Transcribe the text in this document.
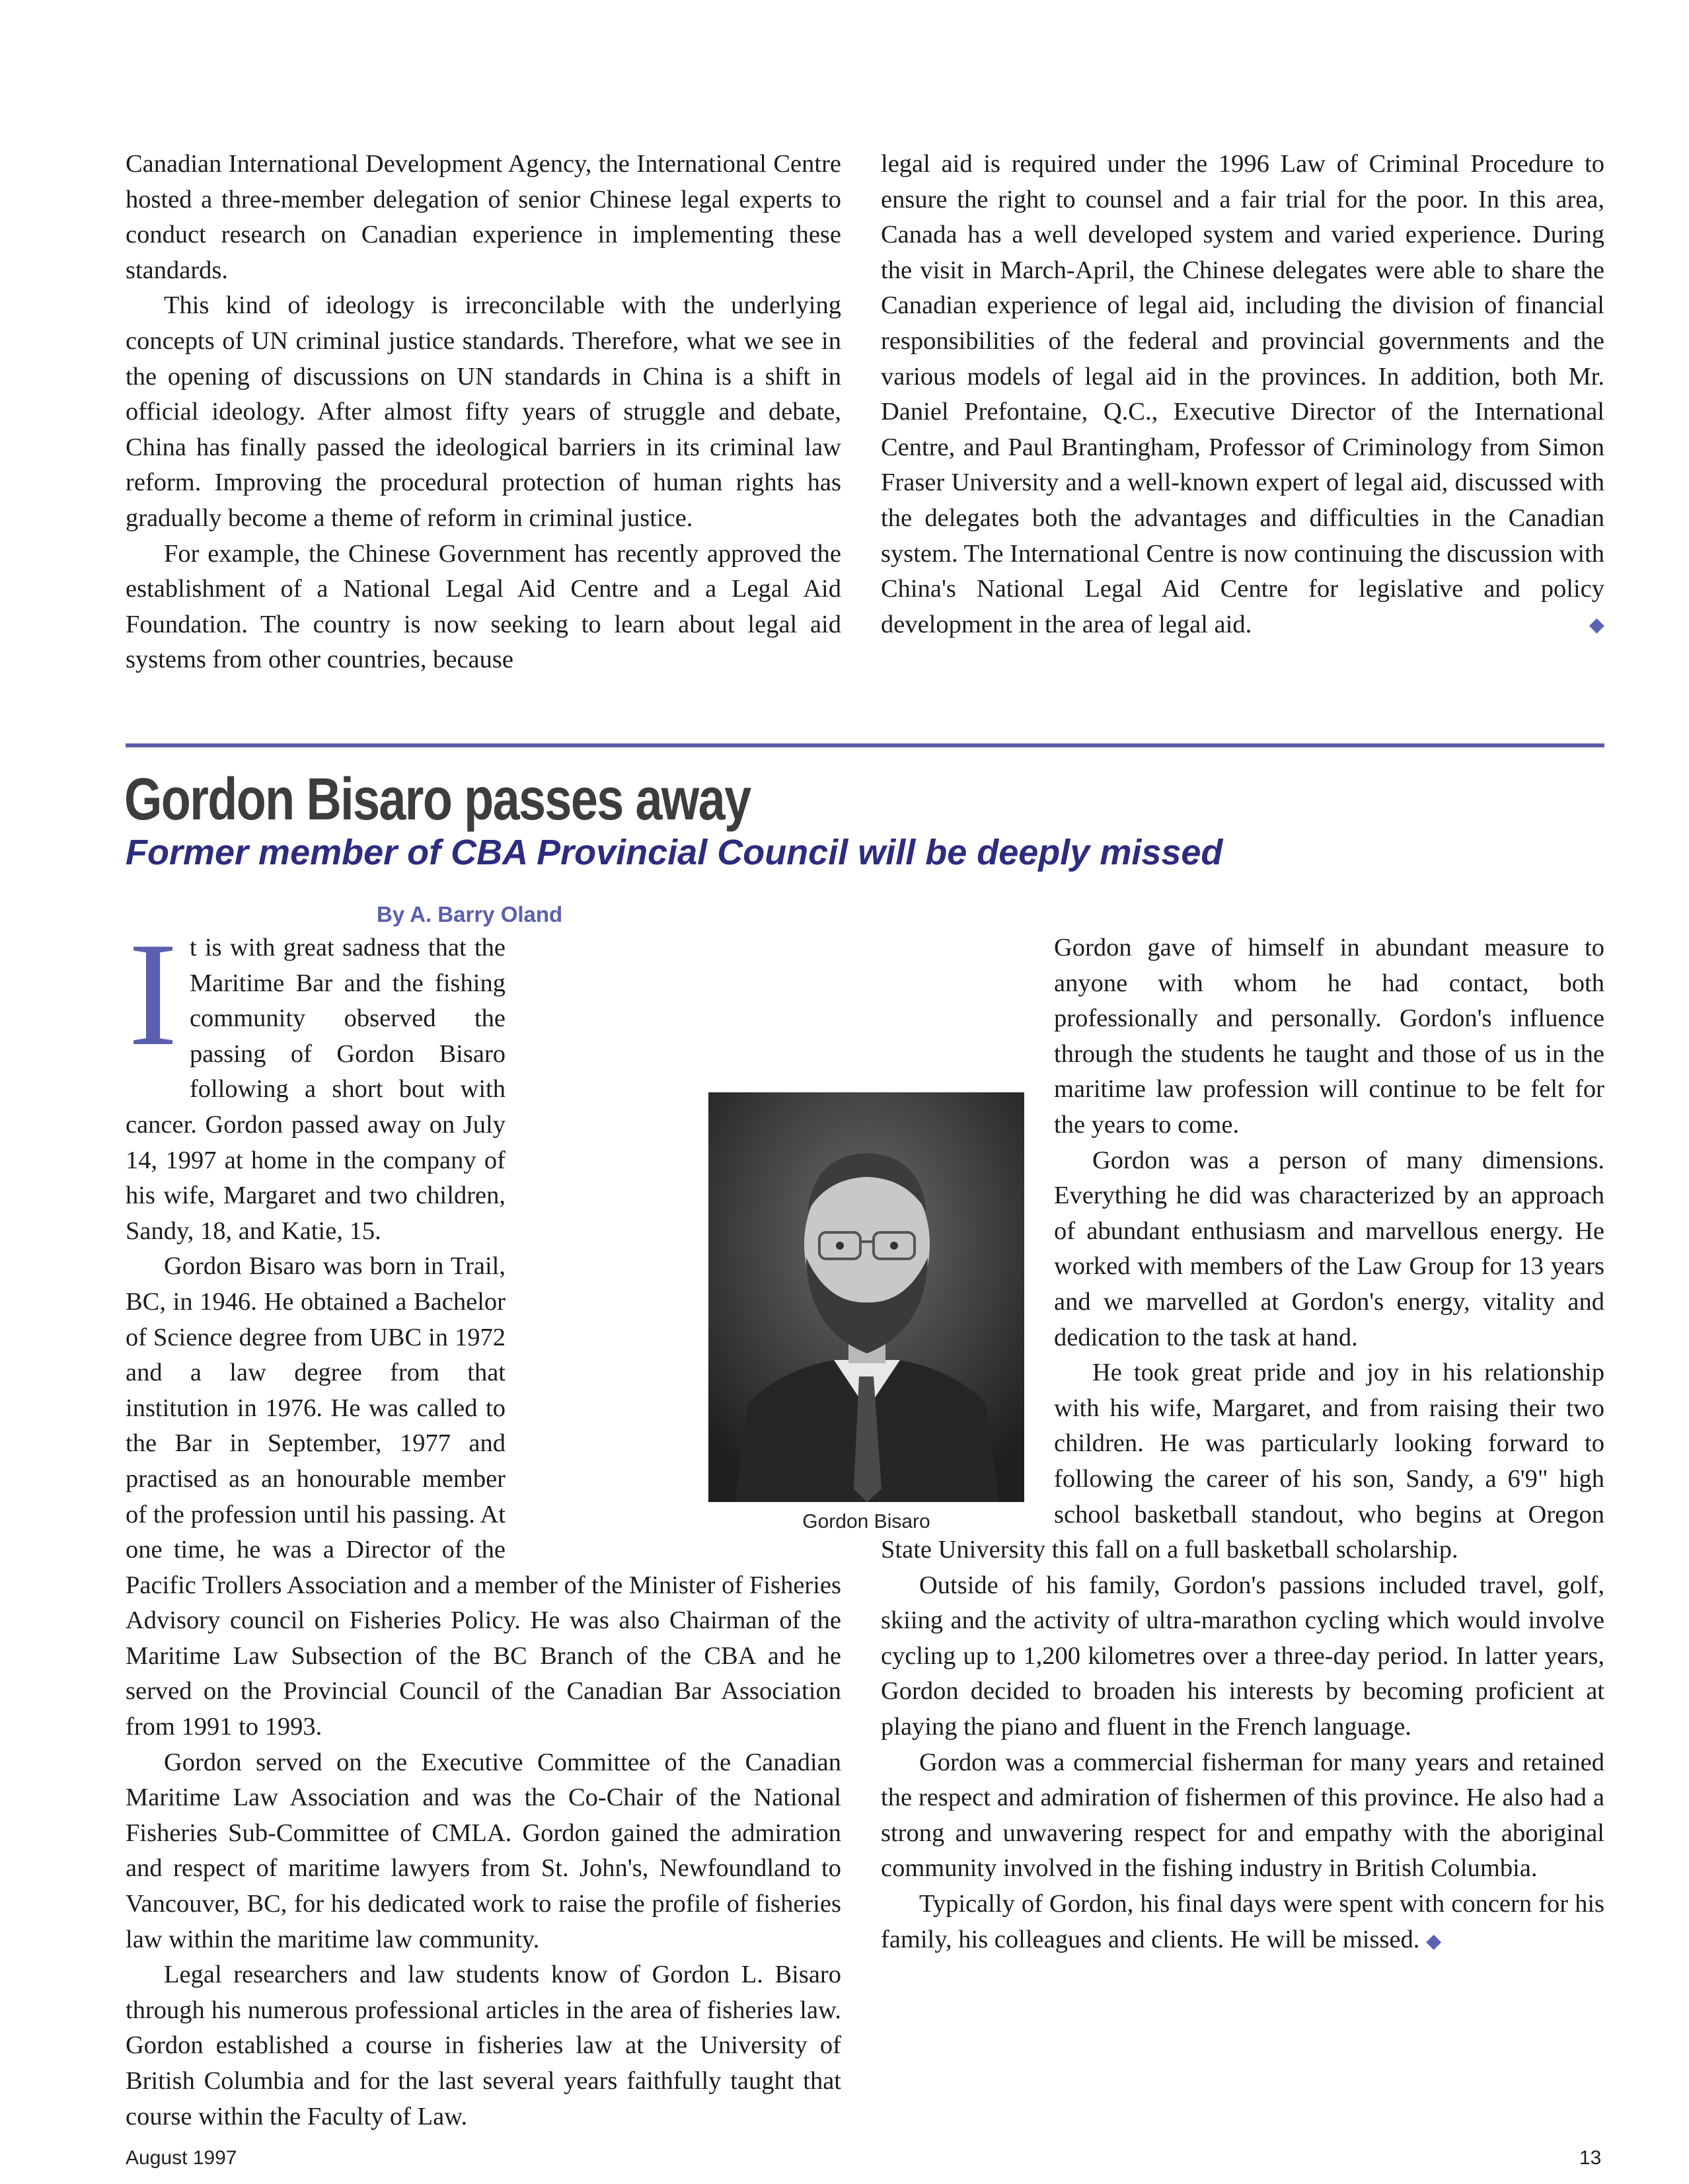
Canadian International Development Agency, the International Centre hosted a three-member delegation of senior Chinese legal experts to conduct research on Canadian experience in implementing these standards.

This kind of ideology is irreconcilable with the underlying concepts of UN criminal justice standards. Therefore, what we see in the opening of discussions on UN standards in China is a shift in official ideology. After almost fifty years of struggle and debate, China has finally passed the ideological barriers in its criminal law reform. Improving the procedural protection of human rights has gradually become a theme of reform in criminal justice.

For example, the Chinese Government has recently approved the establishment of a National Legal Aid Centre and a Legal Aid Foundation. The country is now seeking to learn about legal aid systems from other countries, because

legal aid is required under the 1996 Law of Criminal Procedure to ensure the right to counsel and a fair trial for the poor. In this area, Canada has a well developed system and varied experience. During the visit in March-April, the Chinese delegates were able to share the Canadian experience of legal aid, including the division of financial responsibilities of the federal and provincial governments and the various models of legal aid in the provinces. In addition, both Mr. Daniel Prefontaine, Q.C., Executive Director of the International Centre, and Paul Brantingham, Professor of Criminology from Simon Fraser University and a well-known expert of legal aid, discussed with the delegates both the advantages and difficulties in the Canadian system. The International Centre is now continuing the discussion with China's National Legal Aid Centre for legislative and policy development in the area of legal aid.	◆

Gordon Bisaro passes away
Former member of CBA Provincial Council will be deeply missed
By A. Barry Oland

It is with great sadness that the Maritime Bar and the fishing community observed the passing of Gordon Bisaro following a short bout with cancer. Gordon passed away on July 14, 1997 at home in the company of his wife, Margaret and two children, Sandy, 18, and Katie, 15.

Gordon Bisaro was born in Trail, BC, in 1946. He obtained a Bachelor of Science degree from UBC in 1972 and a law degree from that institution in 1976. He was called to the Bar in September, 1977 and practised as an honourable member of the profession until his passing. At one time, he was a Director of the Pacific Trollers Association and a member of the Minister of Fisheries Advisory council on Fisheries Policy. He was also Chairman of the Maritime Law Subsection of the BC Branch of the CBA and he served on the Provincial Council of the Canadian Bar Association from 1991 to 1993.

Gordon served on the Executive Committee of the Canadian Maritime Law Association and was the Co-Chair of the National Fisheries Sub-Committee of CMLA. Gordon gained the admiration and respect of maritime lawyers from St. John's, Newfoundland to Vancouver, BC, for his dedicated work to raise the profile of fisheries law within the maritime law community.

Legal researchers and law students know of Gordon L. Bisaro through his numerous professional articles in the area of fisheries law. Gordon established a course in fisheries law at the University of British Columbia and for the last several years faithfully taught that course within the Faculty of Law.

Gordon gave of himself in abundant measure to anyone with whom he had contact, both professionally and personally. Gordon's influence through the students he taught and those of us in the maritime law profession will continue to be felt for the years to come.

Gordon was a person of many dimensions. Everything he did was characterized by an approach of abundant enthusiasm and marvellous energy. He worked with members of the Law Group for 13 years and we marvelled at Gordon's energy, vitality and dedication to the task at hand.

He took great pride and joy in his relationship with his wife, Margaret, and from raising their two children. He was particularly looking forward to following the career of his son, Sandy, a 6'9" high school basketball standout, who begins at Oregon State University this fall on a full basketball scholarship.

Outside of his family, Gordon's passions included travel, golf, skiing and the activity of ultra-marathon cycling which would involve cycling up to 1,200 kilometres over a three-day period. In latter years, Gordon decided to broaden his interests by becoming proficient at playing the piano and fluent in the French language.

Gordon was a commercial fisherman for many years and retained the respect and admiration of fishermen of this province. He also had a strong and unwavering respect for and empathy with the aboriginal community involved in the fishing industry in British Columbia.

Typically of Gordon, his final days were spent with concern for his family, his colleagues and clients. He will be missed. ◆

Gordon Bisaro
August 1997	13
